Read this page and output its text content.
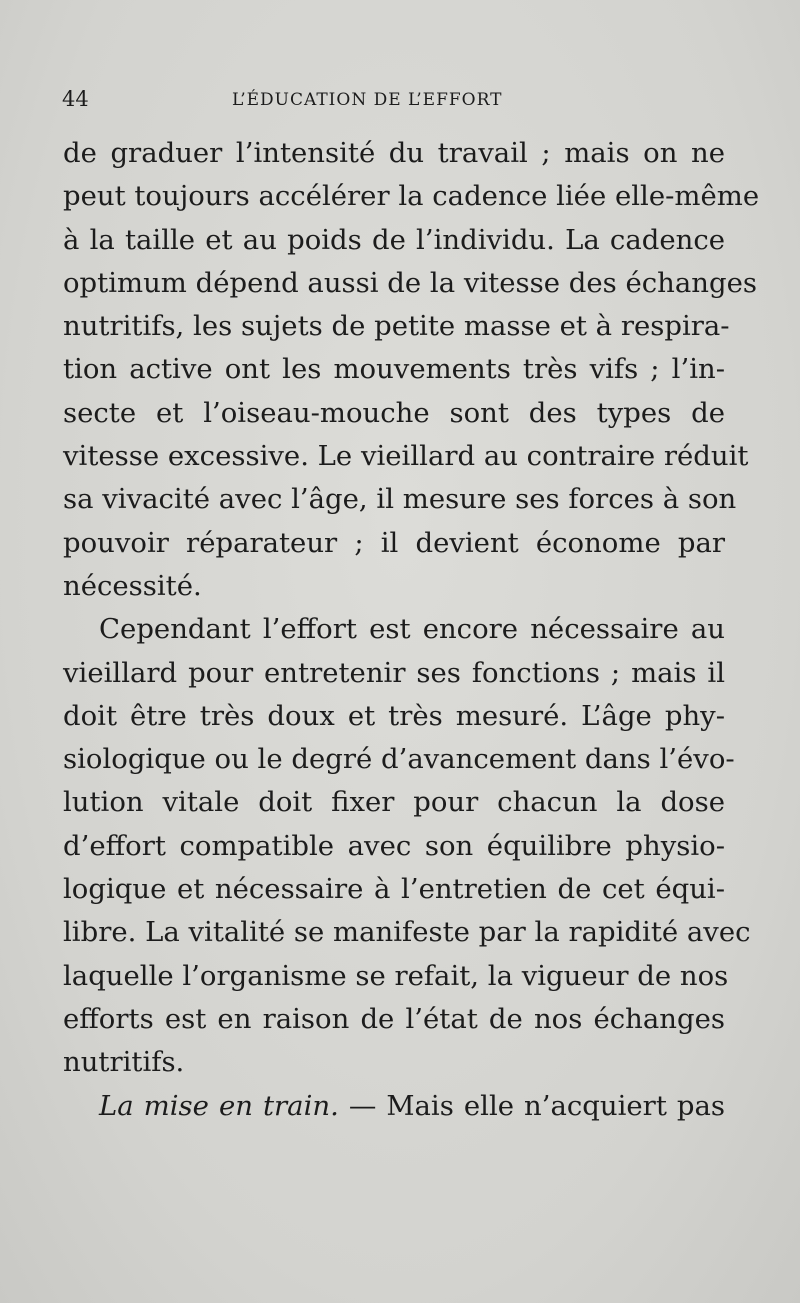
44	L’ÉDUCATION DE L’EFFORT
de graduer l’intensité du travail ; mais on ne
peut toujours accélérer la cadence liée elle-même
à la taille et au poids de l’individu. La cadence
optimum dépend aussi de la vitesse des échanges
nutritifs, les sujets de petite masse et à respira-
tion active ont les mouvements très vifs ; l’in-
secte et l’oiseau-mouche sont des types de
vitesse excessive. Le vieillard au contraire réduit
sa vivacité avec l’âge, il mesure ses forces à son
pouvoir réparateur ; il devient économe par
nécessité.
Cependant l’effort est encore nécessaire au
vieillard pour entretenir ses fonctions ; mais il
doit être très doux et très mesuré. L’âge phy-
siologique ou le degré d’avancement dans l’évo-
lution vitale doit fixer pour chacun la dose
d’effort compatible avec son équilibre physio-
logique et nécessaire à l’entretien de cet équi-
libre. La vitalité se manifeste par la rapidité avec
laquelle l’organisme se refait, la vigueur de nos
efforts est en raison de l’état de nos échanges
nutritifs.
La mise en train. — Mais elle n’acquiert pas
